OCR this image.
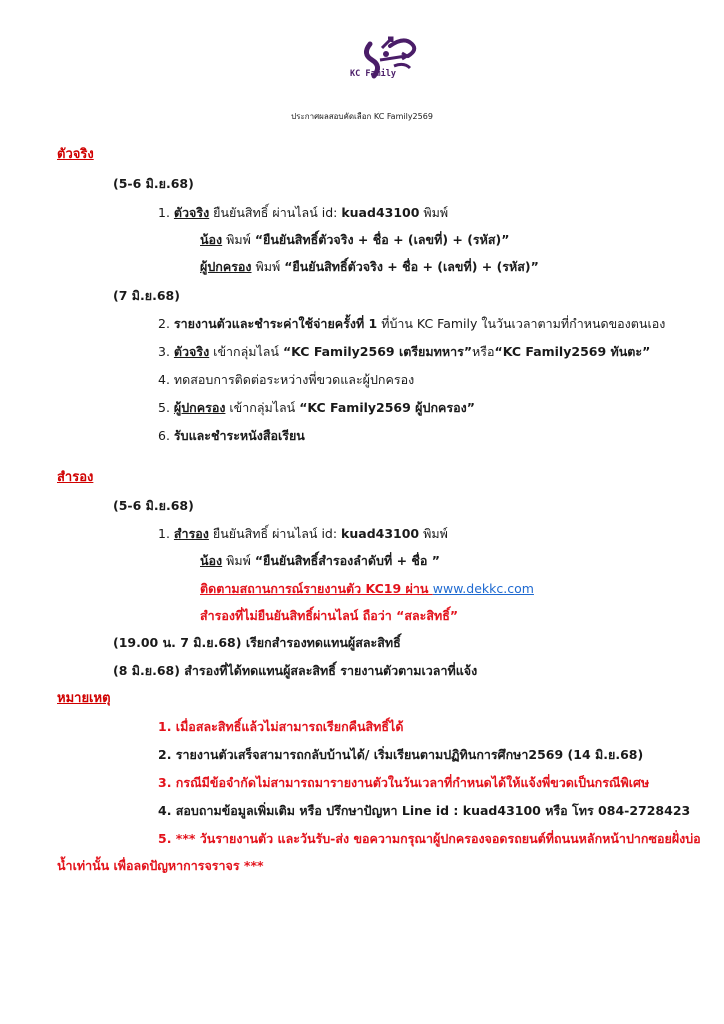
KC Family
ประกาศผลสอบคัดเลือก KC Family2569
ตัวจริง
(5-6 มิ.ย.68)
1. ตัวจริง ยืนยันสิทธิ์ ผ่านไลน์ id: kuad43100 พิมพ์
น้อง พิมพ์ “ยืนยันสิทธิ์ตัวจริง + ชื่อ + (เลขที่) + (รหัส)”
ผู้ปกครอง พิมพ์ “ยืนยันสิทธิ์ตัวจริง + ชื่อ + (เลขที่) + (รหัส)”
(7 มิ.ย.68)
2. รายงานตัวและชำระค่าใช้จ่ายครั้งที่ 1 ที่บ้าน KC Family ในวันเวลาตามที่กำหนดของตนเอง
3. ตัวจริง เข้ากลุ่มไลน์ “KC Family2569 เตรียมทหาร”หรือ“KC Family2569 ทันตะ”
4. ทดสอบการติดต่อระหว่างพี่ขวดและผู้ปกครอง
5. ผู้ปกครอง เข้ากลุ่มไลน์ “KC Family2569 ผู้ปกครอง”
6. รับและชำระหนังสือเรียน
สำรอง
(5-6 มิ.ย.68)
1. สำรอง ยืนยันสิทธิ์ ผ่านไลน์ id: kuad43100 พิมพ์
น้อง พิมพ์ “ยืนยันสิทธิ์สำรองลำดับที่ + ชื่อ ”
ติดตามสถานการณ์รายงานตัว KC19 ผ่าน www.dekkc.com
สำรองที่ไม่ยืนยันสิทธิ์ผ่านไลน์ ถือว่า “สละสิทธิ์”
(19.00 น. 7 มิ.ย.68) เรียกสำรองทดแทนผู้สละสิทธิ์
(8 มิ.ย.68) สำรองที่ได้ทดแทนผู้สละสิทธิ์ รายงานตัวตามเวลาที่แจ้ง
หมายเหตุ
1. เมื่อสละสิทธิ์แล้วไม่สามารถเรียกคืนสิทธิ์ได้
2. รายงานตัวเสร็จสามารถกลับบ้านได้/ เริ่มเรียนตามปฏิทินการศึกษา2569 (14 มิ.ย.68)
3. กรณีมีข้อจำกัดไม่สามารถมารายงานตัวในวันเวลาที่กำหนดได้ให้แจ้งพี่ขวดเป็นกรณีพิเศษ
4. สอบถามข้อมูลเพิ่มเติม หรือ ปรึกษาปัญหา Line id : kuad43100 หรือ โทร 084-2728423
5. *** วันรายงานตัว และวันรับ-ส่ง ขอความกรุณาผู้ปกครองจอดรถยนต์ที่ถนนหลักหน้าปากซอยฝั่งบ่อ
น้ำเท่านั้น เพื่อลดปัญหาการจราจร ***
